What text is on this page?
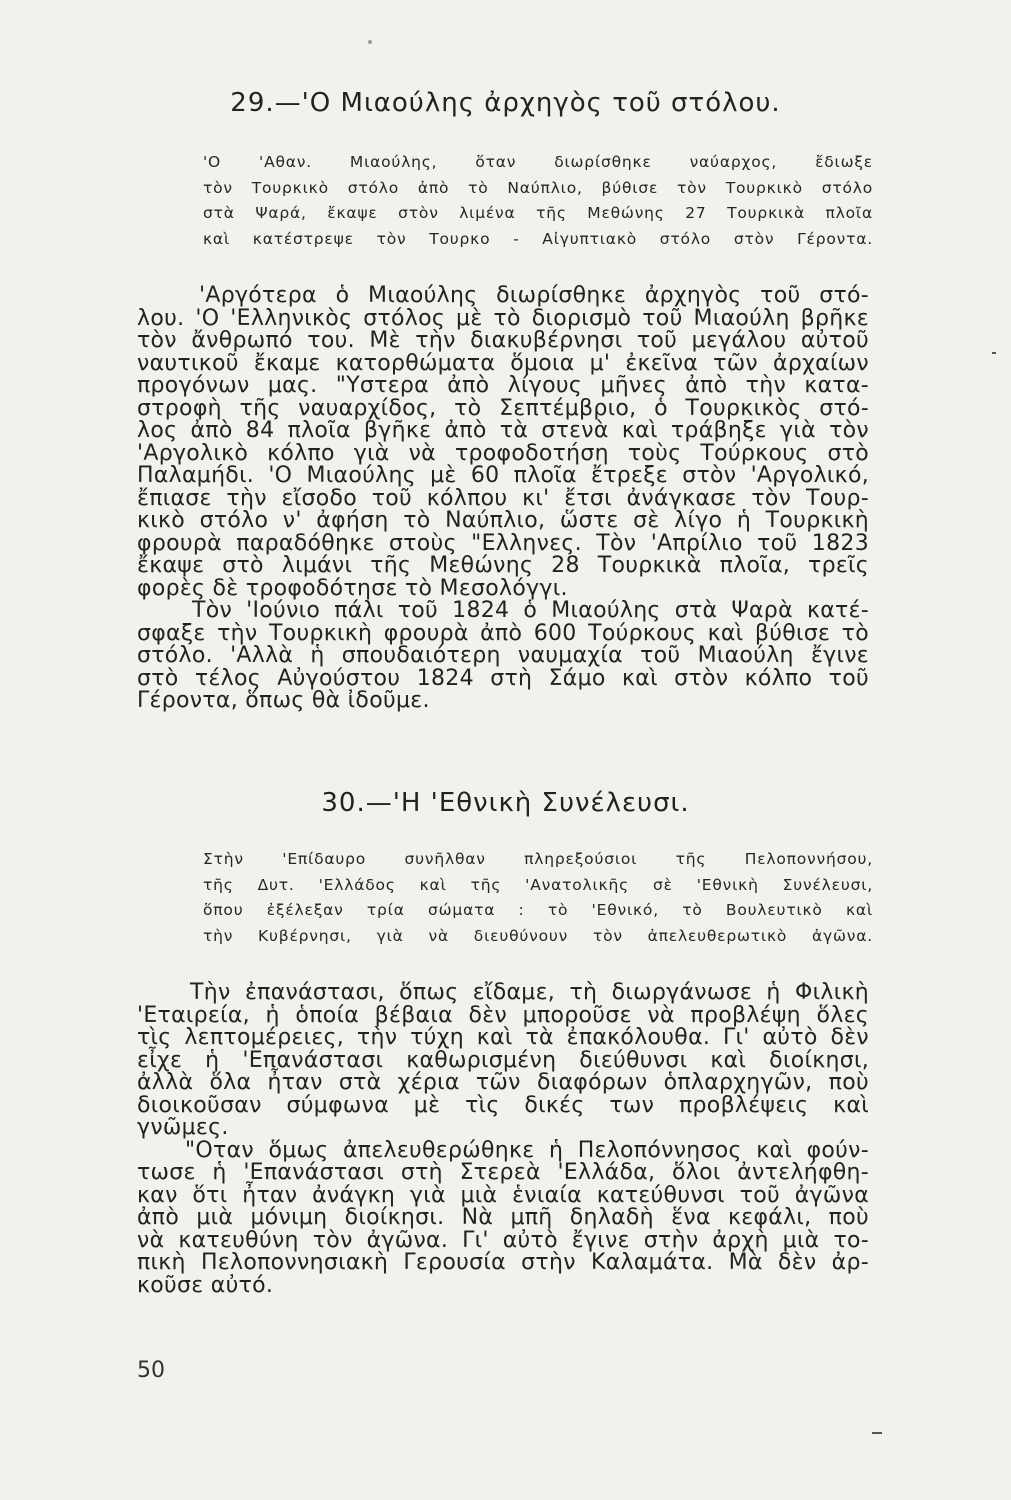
29.—'Ο Μιαούλης ἀρχηγὸς τοῦ στόλου.
'Ο 'Αθαν. Μιαούλης, ὅταν διωρίσθηκε ναύαρχος, ἔδιωξε
τὸν Τουρκικὸ στόλο ἀπὸ τὸ Ναύπλιο, βύθισε τὸν Τουρκικὸ στόλο
στὰ Ψαρά, ἔκαψε στὸν λιμένα τῆς Μεθώνης 27 Τουρκικὰ πλοῖα
καὶ κατέστρεψε τὸν Τουρκο - Αἰγυπτιακὸ στόλο στὸν Γέροντα.
'Αργότερα ὁ Μιαούλης διωρίσθηκε ἀρχηγὸς τοῦ στό-
λου. 'Ο 'Ελληνικὸς στόλος μὲ τὸ διορισμὸ τοῦ Μιαούλη βρῆκε
τὸν ἄνθρωπό του. Μὲ τὴν διακυβέρνησι τοῦ μεγάλου αὐτοῦ
ναυτικοῦ ἔκαμε κατορθώματα ὅμοια μ' ἐκεῖνα τῶν ἀρχαίων
προγόνων μας. "Υστερα ἀπὸ λίγους μῆνες ἀπὸ τὴν κατα-
στροφὴ τῆς ναυαρχίδος, τὸ Σεπτέμβριο, ὁ Τουρκικὸς στό-
λος ἀπὸ 84 πλοῖα βγῆκε ἀπὸ τὰ στενὰ καὶ τράβηξε γιὰ τὸν
'Αργολικὸ κόλπο γιὰ νὰ τροφοδοτήση τοὺς Τούρκους στὸ
Παλαμήδι. 'Ο Μιαούλης μὲ 60 πλοῖα ἔτρεξε στὸν 'Αργολικό,
ἔπιασε τὴν εἴσοδο τοῦ κόλπου κι' ἔτσι ἀνάγκασε τὸν Τουρ-
κικὸ στόλο ν' ἀφήση τὸ Ναύπλιο, ὥστε σὲ λίγο ἡ Τουρκικὴ
φρουρὰ παραδόθηκε στοὺς "Ελληνες. Τὸν 'Απρίλιο τοῦ 1823
ἔκαψε στὸ λιμάνι τῆς Μεθώνης 28 Τουρκικὰ πλοῖα, τρεῖς
φορὲς δὲ τροφοδότησε τὸ Μεσολόγγι.
Τὸν 'Ιούνιο πάλι τοῦ 1824 ὁ Μιαούλης στὰ Ψαρὰ κατέ-
σφαξε τὴν Τουρκικὴ φρουρὰ ἀπὸ 600 Τούρκους καὶ βύθισε τὸ
στόλο. 'Αλλὰ ἡ σπουδαιότερη ναυμαχία τοῦ Μιαούλη ἔγινε
στὸ τέλος Αὐγούστου 1824 στὴ Σάμο καὶ στὸν κόλπο τοῦ
Γέροντα, ὅπως θὰ ἰδοῦμε.
30.—'Η 'Εθνικὴ Συνέλευσι.
Στὴν 'Επίδαυρο συνῆλθαν πληρεξούσιοι τῆς Πελοποννήσου,
τῆς Δυτ. 'Ελλάδος καὶ τῆς 'Ανατολικῆς σὲ 'Εθνικὴ Συνέλευσι,
ὅπου ἐξέλεξαν τρία σώματα : τὸ 'Εθνικό, τὸ Βουλευτικὸ καὶ
τὴν Κυβέρνησι, γιὰ νὰ διευθύνουν τὸν ἀπελευθερωτικὸ ἀγῶνα.
Τὴν ἐπανάστασι, ὅπως εἴδαμε, τὴ διωργάνωσε ἡ Φιλικὴ
'Εταιρεία, ἡ ὁποία βέβαια δὲν μποροῦσε νὰ προβλέψη ὅλες
τὶς λεπτομέρειες, τὴν τύχη καὶ τὰ ἐπακόλουθα. Γι' αὐτὸ δὲν
εἶχε ἡ 'Επανάστασι καθωρισμένη διεύθυνσι καὶ διοίκησι,
ἀλλὰ ὅλα ἦταν στὰ χέρια τῶν διαφόρων ὁπλαρχηγῶν, ποὺ
διοικοῦσαν σύμφωνα μὲ τὶς δικές των προβλέψεις καὶ
γνῶμες.
"Οταν ὅμως ἀπελευθερώθηκε ἡ Πελοπόννησος καὶ φούν-
τωσε ἡ 'Επανάστασι στὴ Στερεὰ 'Ελλάδα, ὅλοι ἀντελήφθη-
καν ὅτι ἦταν ἀνάγκη γιὰ μιὰ ἑνιαία κατεύθυνσι τοῦ ἀγῶνα
ἀπὸ μιὰ μόνιμη διοίκησι. Νὰ μπῆ δηλαδὴ ἕνα κεφάλι, ποὺ
νὰ κατευθύνη τὸν ἀγῶνα. Γι' αὐτὸ ἔγινε στὴν ἀρχὴ μιὰ το-
πικὴ Πελοποννησιακὴ Γερουσία στὴν Καλαμάτα. Μὰ δὲν ἀρ-
κοῦσε αὐτό.
50
